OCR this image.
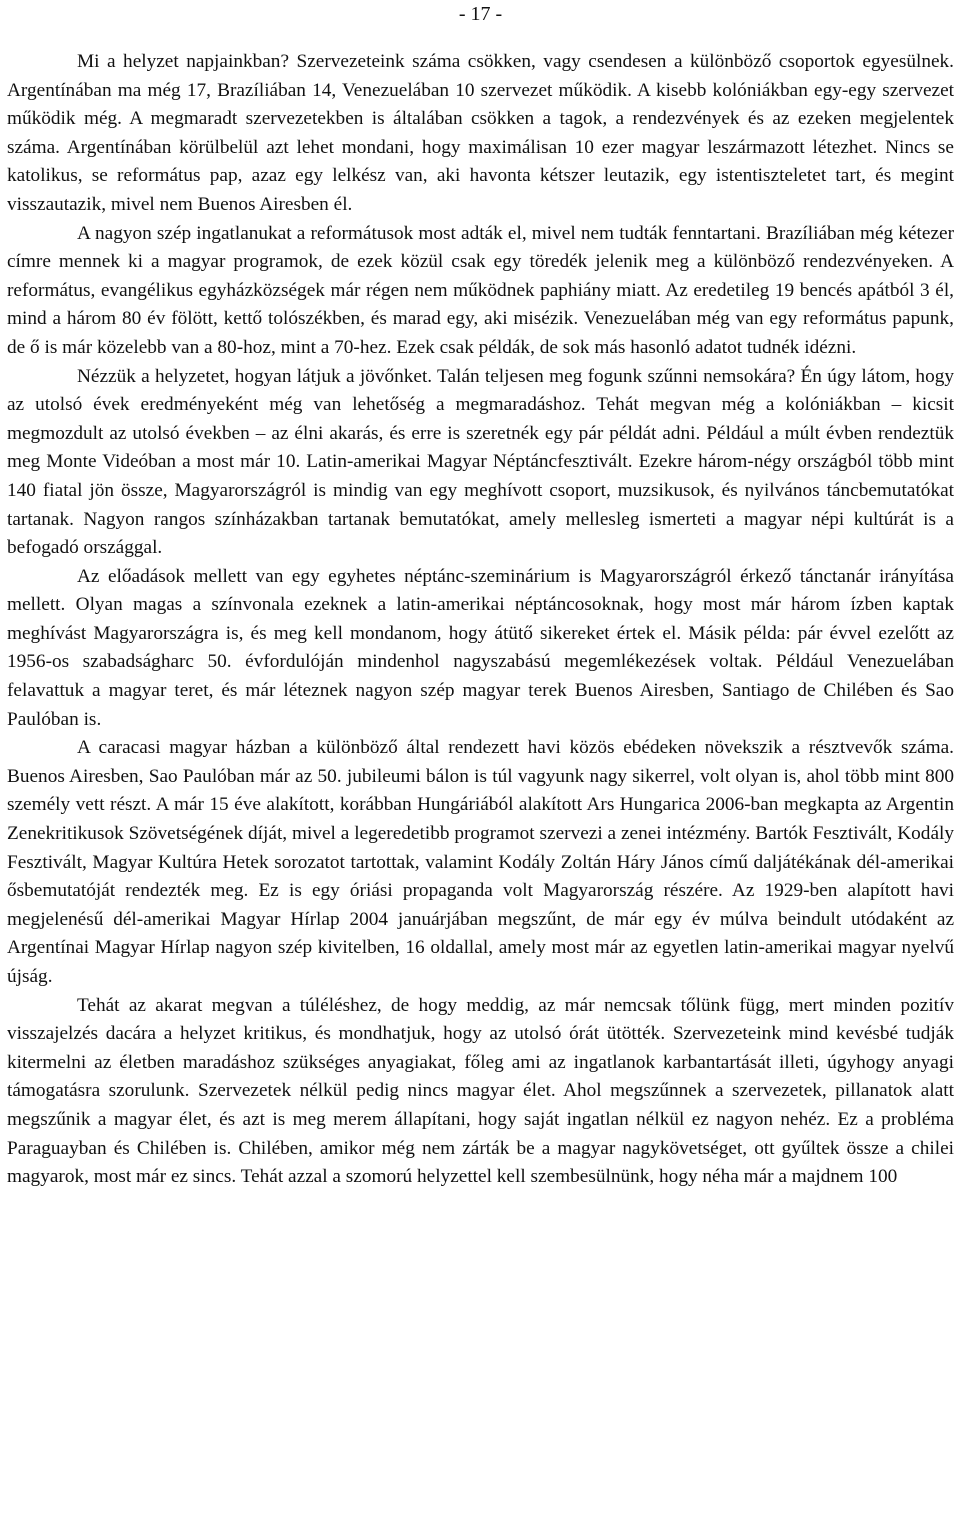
- 17 -

Mi a helyzet napjainkban? Szervezeteink száma csökken, vagy csendesen a különböző csoportok egyesülnek. Argentínában ma még 17, Brazíliában 14, Venezuelában 10 szervezet működik. A kisebb kolóniákban egy-egy szervezet működik még. A megmaradt szervezetekben is általában csökken a tagok, a rendezvények és az ezeken megjelentek száma. Argentínában körülbelül azt lehet mondani, hogy maximálisan 10 ezer magyar leszármazott létezhet. Nincs se katolikus, se református pap, azaz egy lelkész van, aki havonta kétszer leutazik, egy istentiszteletet tart, és megint visszautazik, mivel nem Buenos Airesben él.

A nagyon szép ingatlanukat a reformátusok most adták el, mivel nem tudták fenntartani. Brazíliában még kétezer címre mennek ki a magyar programok, de ezek közül csak egy töredék jelenik meg a különböző rendezvényeken. A református, evangélikus egyházközségek már régen nem működnek paphiány miatt. Az eredetileg 19 bencés apátból 3 él, mind a három 80 év fölött, kettő tolószékben, és marad egy, aki misézik. Venezuelában még van egy református papunk, de ő is már közelebb van a 80-hoz, mint a 70-hez. Ezek csak példák, de sok más hasonló adatot tudnék idézni.

Nézzük a helyzetet, hogyan látjuk a jövőnket. Talán teljesen meg fogunk szűnni nemsokára? Én úgy látom, hogy az utolsó évek eredményeként még van lehetőség a megmaradáshoz. Tehát megvan még a kolóniákban – kicsit megmozdult az utolsó években – az élni akarás, és erre is szeretnék egy pár példát adni. Például a múlt évben rendeztük meg Monte Videóban a most már 10. Latin-amerikai Magyar Néptáncfesztivált. Ezekre három-négy országból több mint 140 fiatal jön össze, Magyarországról is mindig van egy meghívott csoport, muzsikusok, és nyilvános táncbemutatókat tartanak. Nagyon rangos színházakban tartanak bemutatókat, amely mellesleg ismerteti a magyar népi kultúrát is a befogadó országgal.

Az előadások mellett van egy egyhetes néptánc-szeminárium is Magyarországról érkező tánctanár irányítása mellett. Olyan magas a színvonala ezeknek a latin-amerikai néptáncosoknak, hogy most már három ízben kaptak meghívást Magyarországra is, és meg kell mondanom, hogy átütő sikereket értek el. Másik példa: pár évvel ezelőtt az 1956-os szabadságharc 50. évfordulóján mindenhol nagyszabású megemlékezések voltak. Például Venezuelában felavattuk a magyar teret, és már léteznek nagyon szép magyar terek Buenos Airesben, Santiago de Chilében és Sao Paulóban is.

A caracasi magyar házban a különböző által rendezett havi közös ebédeken növekszik a résztvevők száma. Buenos Airesben, Sao Paulóban már az 50. jubileumi bálon is túl vagyunk nagy sikerrel, volt olyan is, ahol több mint 800 személy vett részt. A már 15 éve alakított, korábban Hungáriából alakított Ars Hungarica 2006-ban megkapta az Argentin Zenekritikusok Szövetségének díját, mivel a legeredetibb programot szervezi a zenei intézmény. Bartók Fesztivált, Kodály Fesztivált, Magyar Kultúra Hetek sorozatot tartottak, valamint Kodály Zoltán Háry János című daljátékának dél-amerikai ősbemutatóját rendezték meg. Ez is egy óriási propaganda volt Magyarország részére. Az 1929-ben alapított havi megjelenésű dél-amerikai Magyar Hírlap 2004 januárjában megszűnt, de már egy év múlva beindult utódaként az Argentínai Magyar Hírlap nagyon szép kivitelben, 16 oldallal, amely most már az egyetlen latin-amerikai magyar nyelvű újság.

Tehát az akarat megvan a túléléshez, de hogy meddig, az már nemcsak tőlünk függ, mert minden pozitív visszajelzés dacára a helyzet kritikus, és mondhatjuk, hogy az utolsó órát ütötték. Szervezeteink mind kevésbé tudják kitermelni az életben maradáshoz szükséges anyagiakat, főleg ami az ingatlanok karbantartását illeti, úgyhogy anyagi támogatásra szorulunk. Szervezetek nélkül pedig nincs magyar élet. Ahol megszűnnek a szervezetek, pillanatok alatt megszűnik a magyar élet, és azt is meg merem állapítani, hogy saját ingatlan nélkül ez nagyon nehéz. Ez a probléma Paraguayban és Chilében is. Chilében, amikor még nem zárták be a magyar nagykövetséget, ott gyűltek össze a chilei magyarok, most már ez sincs. Tehát azzal a szomorú helyzettel kell szembesülnünk, hogy néha már a majdnem 100
